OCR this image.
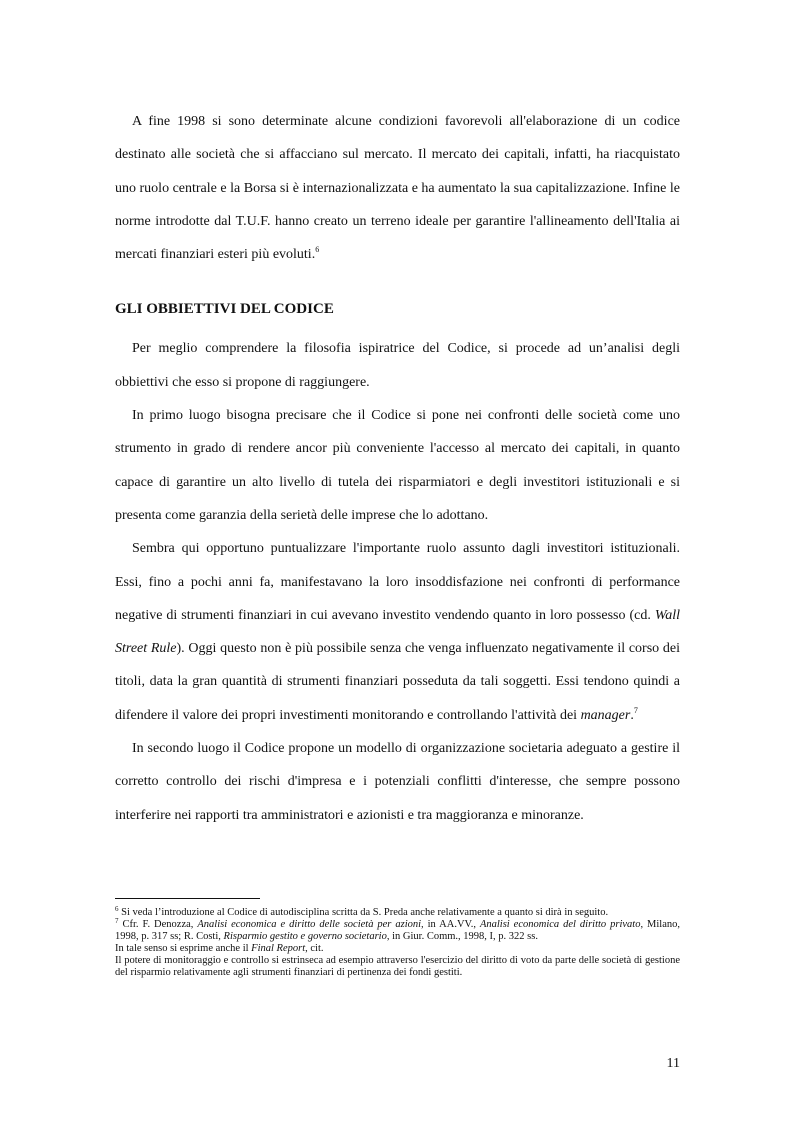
A fine 1998 si sono determinate alcune condizioni favorevoli all'elaborazione di un codice destinato alle società che si affacciano sul mercato. Il mercato dei capitali, infatti, ha riacquistato uno ruolo centrale e la Borsa si è internazionalizzata e ha aumentato la sua capitalizzazione. Infine le norme introdotte dal T.U.F. hanno creato un terreno ideale per garantire l'allineamento dell'Italia ai mercati finanziari esteri più evoluti.$^6$

GLI OBBIETTIVI DEL CODICE

Per meglio comprendere la filosofia ispiratrice del Codice, si procede ad un’analisi degli obbiettivi che esso si propone di raggiungere.

In primo luogo bisogna precisare che il Codice si pone nei confronti delle società come uno strumento in grado di rendere ancor più conveniente l'accesso al mercato dei capitali, in quanto capace di garantire un alto livello di tutela dei risparmiatori e degli investitori istituzionali e si presenta come garanzia della serietà delle imprese che lo adottano.

Sembra qui opportuno puntualizzare l'importante ruolo assunto dagli investitori istituzionali. Essi, fino a pochi anni fa, manifestavano la loro insoddisfazione nei confronti di performance negative di strumenti finanziari in cui avevano investito vendendo quanto in loro possesso (cd. Wall Street Rule). Oggi questo non è più possibile senza che venga influenzato negativamente il corso dei titoli, data la gran quantità di strumenti finanziari posseduta da tali soggetti. Essi tendono quindi a difendere il valore dei propri investimenti monitorando e controllando l'attività dei manager.$^7$

In secondo luogo il Codice propone un modello di organizzazione societaria adeguato a gestire il corretto controllo dei rischi d'impresa e i potenziali conflitti d'interesse, che sempre possono interferire nei rapporti tra amministratori e azionisti e tra maggioranza e minoranze.

$^6$ Si veda l’introduzione al Codice di autodisciplina scritta da S. Preda anche relativamente a quanto si dirà in seguito.

$^7$ Cfr. F. Denozza, Analisi economica e diritto delle società per azioni, in AA.VV., Analisi economica del diritto privato, Milano, 1998, p. 317 ss; R. Costi, Risparmio gestito e governo societario, in Giur. Comm., 1998, I, p. 322 ss.

In tale senso si esprime anche il Final Report, cit.

Il potere di monitoraggio e controllo si estrinseca ad esempio attraverso l'esercizio del diritto di voto da parte delle società di gestione del risparmio relativamente agli strumenti finanziari di pertinenza dei fondi gestiti.

11
